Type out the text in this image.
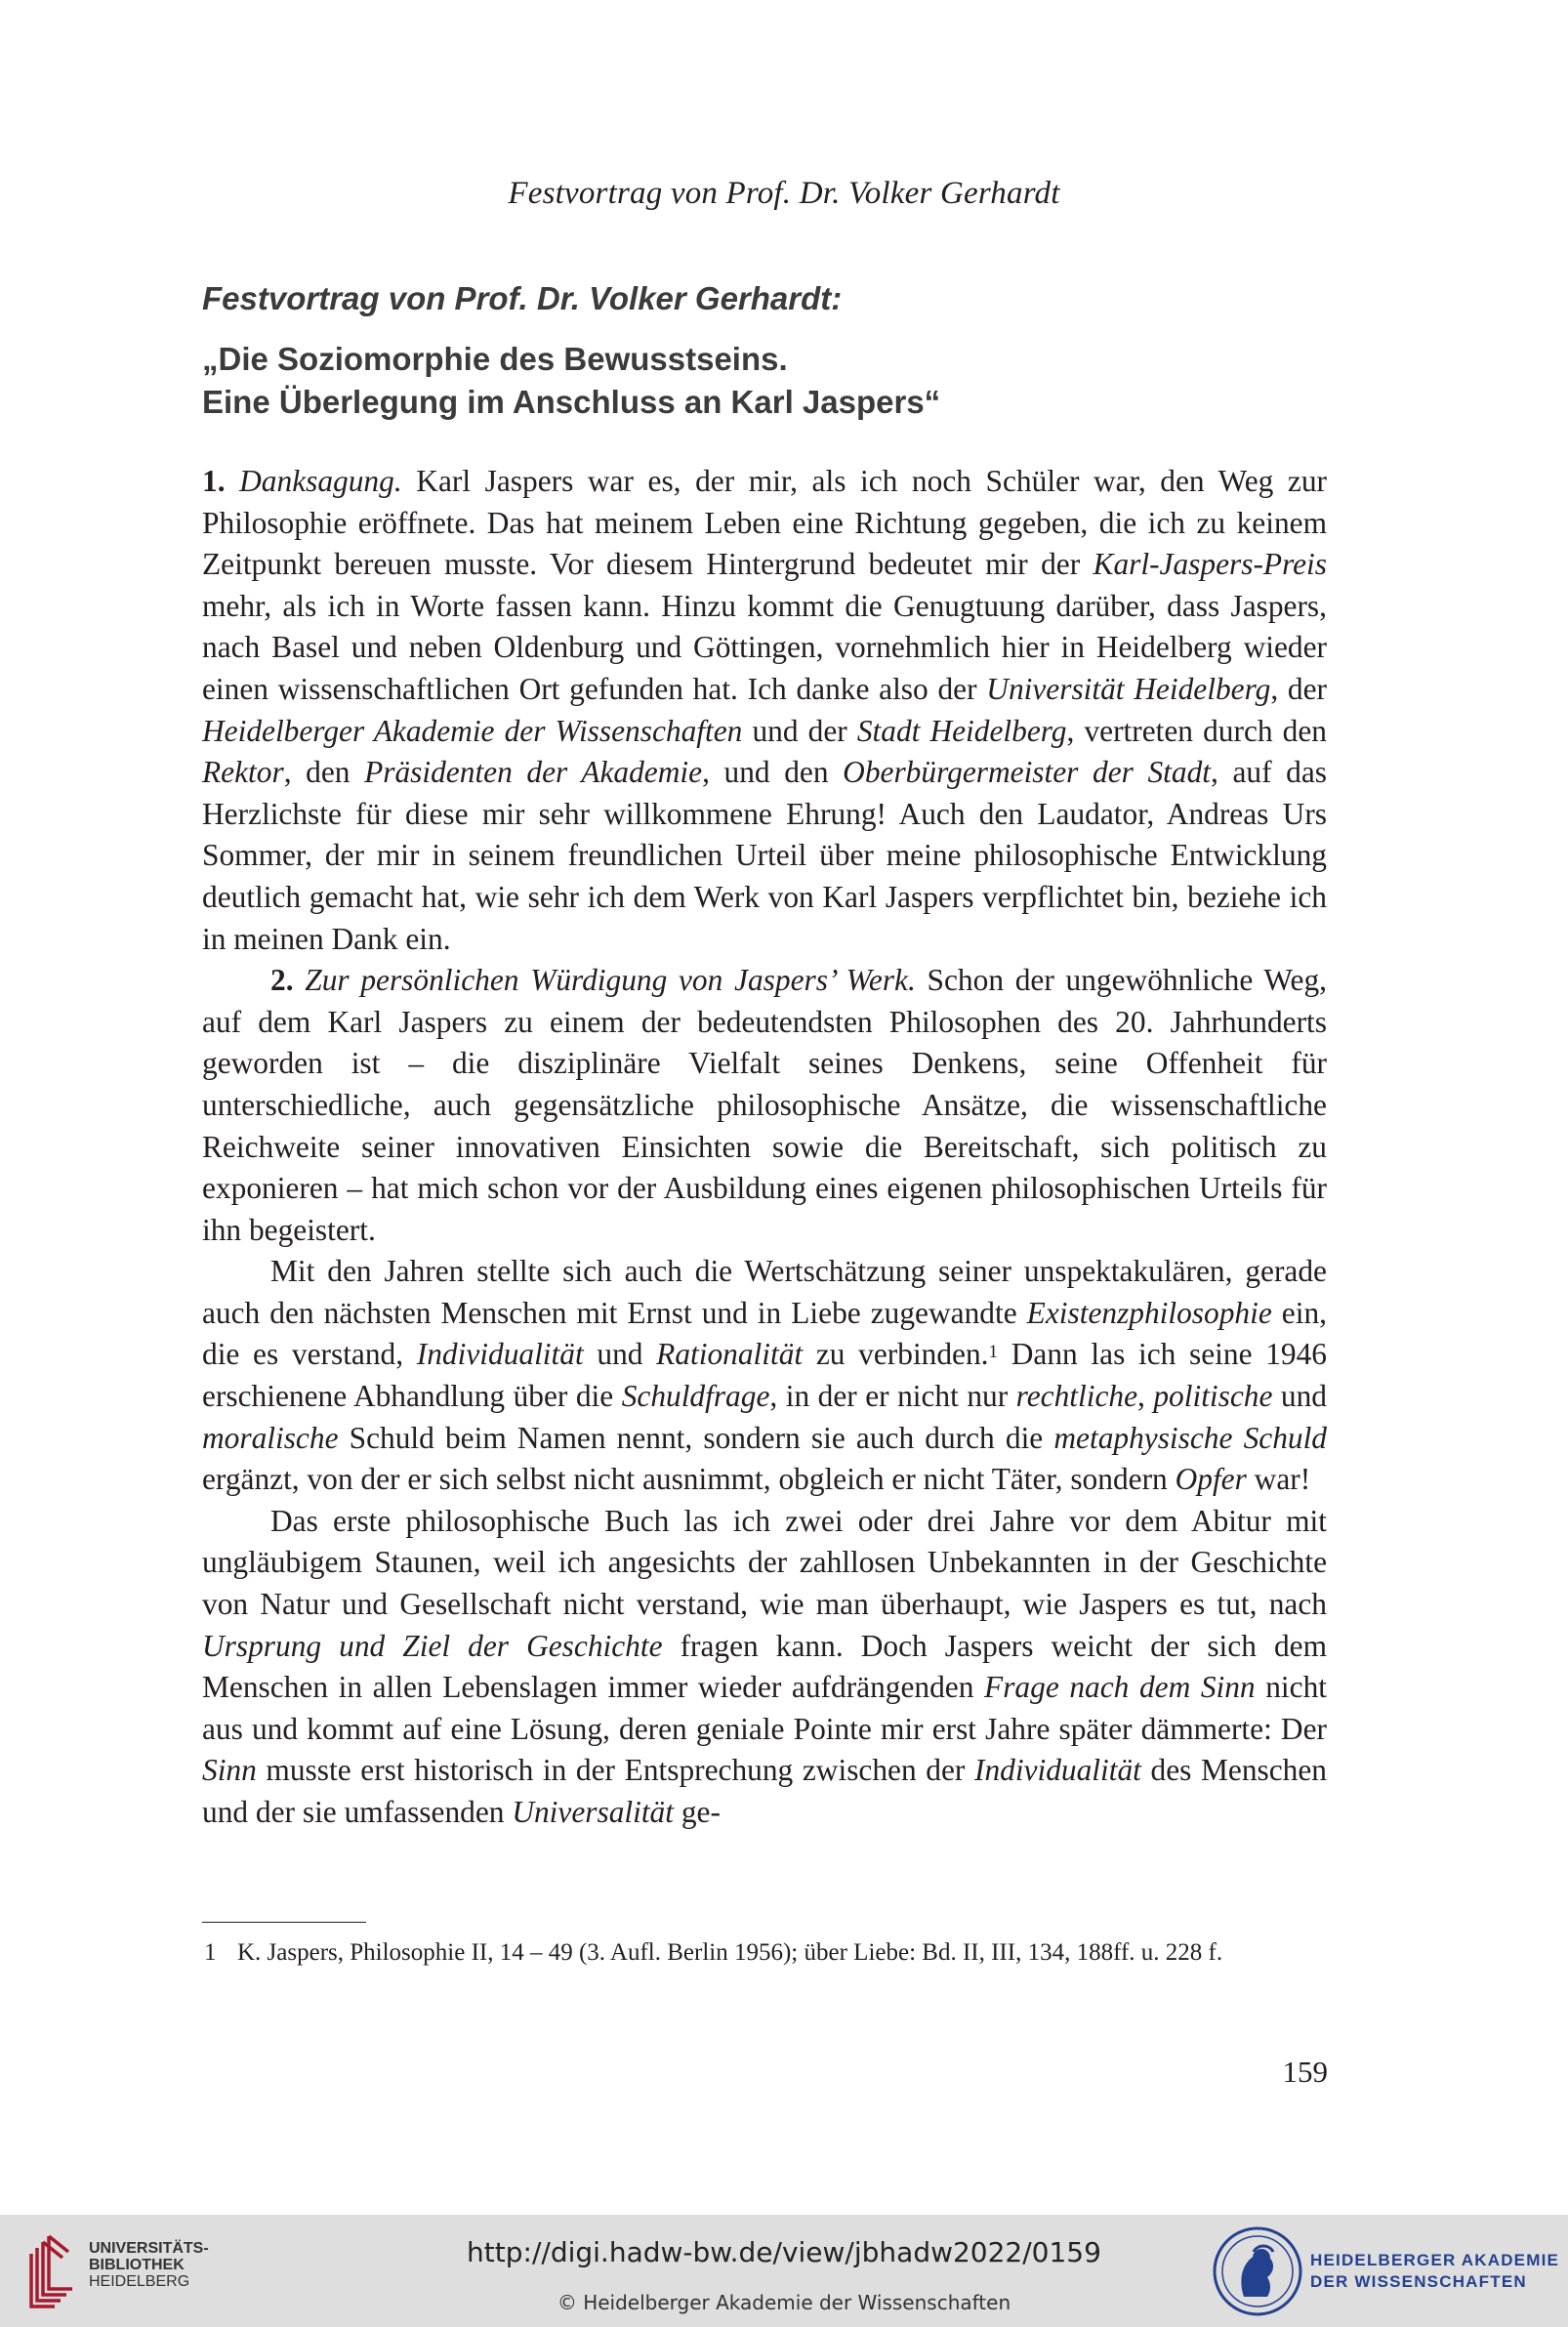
Festvortrag von Prof. Dr. Volker Gerhardt
Festvortrag von Prof. Dr. Volker Gerhardt:
„Die Soziomorphie des Bewusstseins.
Eine Überlegung im Anschluss an Karl Jaspers“

1. Danksagung. Karl Jaspers war es, der mir, als ich noch Schüler war, den Weg zur Philosophie eröffnete. Das hat meinem Leben eine Richtung gegeben, die ich zu keinem Zeitpunkt bereuen musste. Vor diesem Hintergrund bedeutet mir der Karl-Jaspers-Preis mehr, als ich in Worte fassen kann. Hinzu kommt die Genugtuung darüber, dass Jaspers, nach Basel und neben Oldenburg und Göttingen, vornehmlich hier in Heidelberg wieder einen wissenschaftlichen Ort gefunden hat. Ich danke also der Universität Heidelberg, der Heidelberger Akademie der Wissenschaften und der Stadt Heidelberg, vertreten durch den Rektor, den Präsidenten der Akademie, und den Oberbürgermeister der Stadt, auf das Herzlichste für diese mir sehr willkommene Ehrung! Auch den Laudator, Andreas Urs Sommer, der mir in seinem freundlichen Urteil über meine philosophische Entwicklung deutlich gemacht hat, wie sehr ich dem Werk von Karl Jaspers verpflichtet bin, beziehe ich in meinen Dank ein.

2. Zur persönlichen Würdigung von Jaspers’ Werk. Schon der ungewöhnliche Weg, auf dem Karl Jaspers zu einem der bedeutendsten Philosophen des 20. Jahrhunderts geworden ist – die disziplinäre Vielfalt seines Denkens, seine Offenheit für unterschiedliche, auch gegensätzliche philosophische Ansätze, die wissenschaftliche Reichweite seiner innovativen Einsichten sowie die Bereitschaft, sich politisch zu exponieren – hat mich schon vor der Ausbildung eines eigenen philosophischen Urteils für ihn begeistert.

Mit den Jahren stellte sich auch die Wertschätzung seiner unspektakulären, gerade auch den nächsten Menschen mit Ernst und in Liebe zugewandte Existenzphilosophie ein, die es verstand, Individualität und Rationalität zu verbinden.$^1$ Dann las ich seine 1946 erschienene Abhandlung über die Schuldfrage, in der er nicht nur rechtliche, politische und moralische Schuld beim Namen nennt, sondern sie auch durch die metaphysische Schuld ergänzt, von der er sich selbst nicht ausnimmt, obgleich er nicht Täter, sondern Opfer war!

Das erste philosophische Buch las ich zwei oder drei Jahre vor dem Abitur mit ungläubigem Staunen, weil ich angesichts der zahllosen Unbekannten in der Geschichte von Natur und Gesellschaft nicht verstand, wie man überhaupt, wie Jaspers es tut, nach Ursprung und Ziel der Geschichte fragen kann. Doch Jaspers weicht der sich dem Menschen in allen Lebenslagen immer wieder aufdrängenden Frage nach dem Sinn nicht aus und kommt auf eine Lösung, deren geniale Pointe mir erst Jahre später dämmerte: Der Sinn musste erst historisch in der Entsprechung zwischen der Individualität des Menschen und der sie umfassenden Universalität ge-

1 K. Jaspers, Philosophie II, 14 – 49 (3. Aufl. Berlin 1956); über Liebe: Bd. II, III, 134, 188ff. u. 228 f.
159
UNIVERSITÄTS-
BIBLIOTHEK
HEIDELBERG
http://digi.hadw-bw.de/view/jbhadw2022/0159
© Heidelberger Akademie der Wissenschaften
HEIDELBERGER AKADEMIE
DER WISSENSCHAFTEN
